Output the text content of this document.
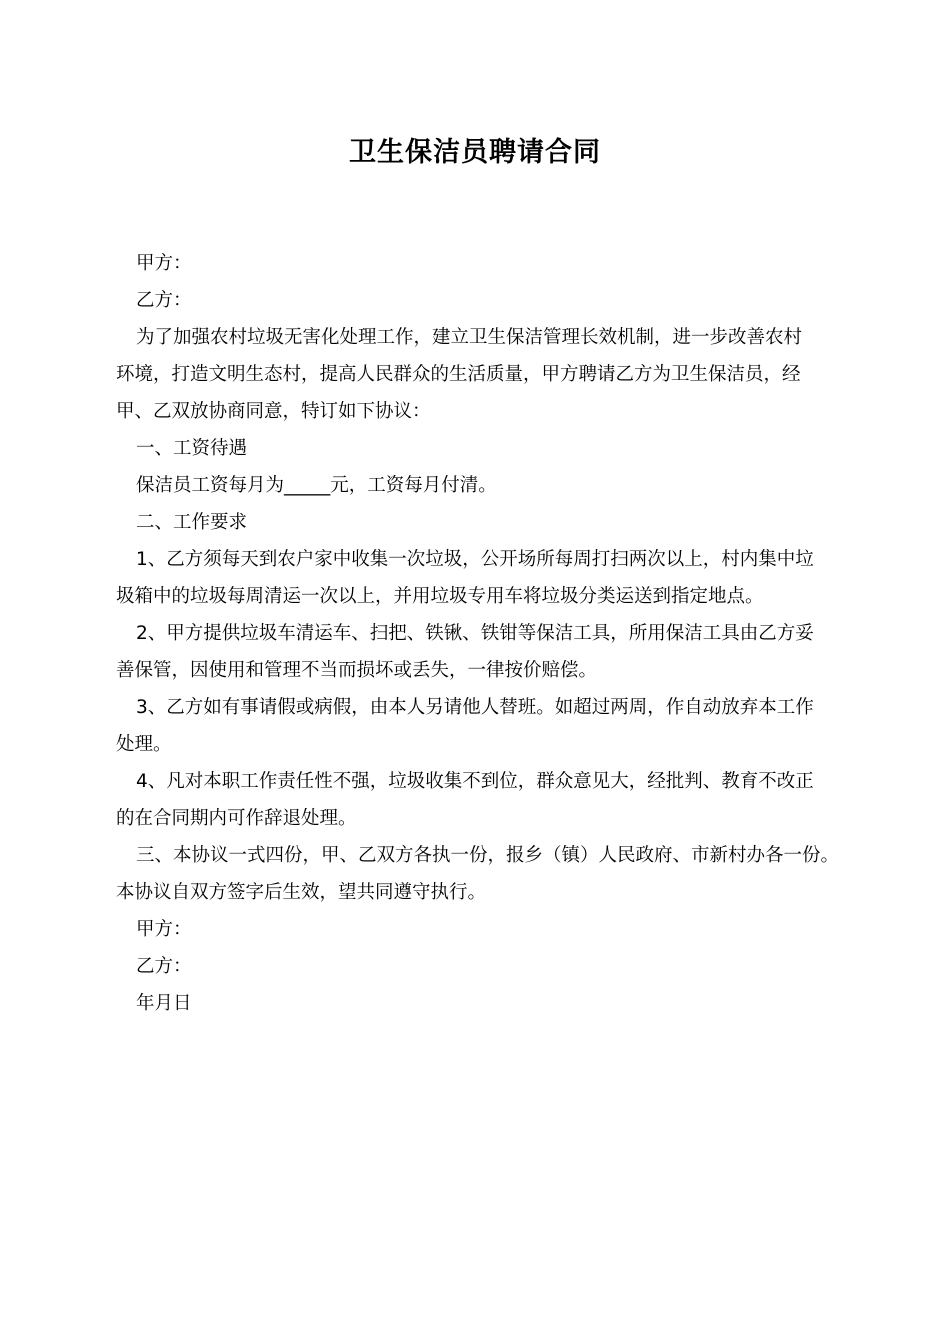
卫生保洁员聘请合同
甲方：
乙方：
为了加强农村垃圾无害化处理工作，建立卫生保洁管理长效机制，进一步改善农村
环境，打造文明生态村，提高人民群众的生活质量，甲方聘请乙方为卫生保洁员，经
甲、乙双放协商同意，特订如下协议：
一、工资待遇
保洁员工资每月为_____元，工资每月付清。
二、工作要求
1、乙方须每天到农户家中收集一次垃圾，公开场所每周打扫两次以上，村内集中垃
圾箱中的垃圾每周清运一次以上，并用垃圾专用车将垃圾分类运送到指定地点。
2、甲方提供垃圾车清运车、扫把、铁锹、铁钳等保洁工具，所用保洁工具由乙方妥
善保管，因使用和管理不当而损坏或丢失，一律按价赔偿。
3、乙方如有事请假或病假，由本人另请他人替班。如超过两周，作自动放弃本工作
处理。
4、凡对本职工作责任性不强，垃圾收集不到位，群众意见大，经批判、教育不改正
的在合同期内可作辞退处理。
三、本协议一式四份，甲、乙双方各执一份，报乡（镇）人民政府、市新村办各一份。
本协议自双方签字后生效，望共同遵守执行。
甲方：
乙方：
年月日
